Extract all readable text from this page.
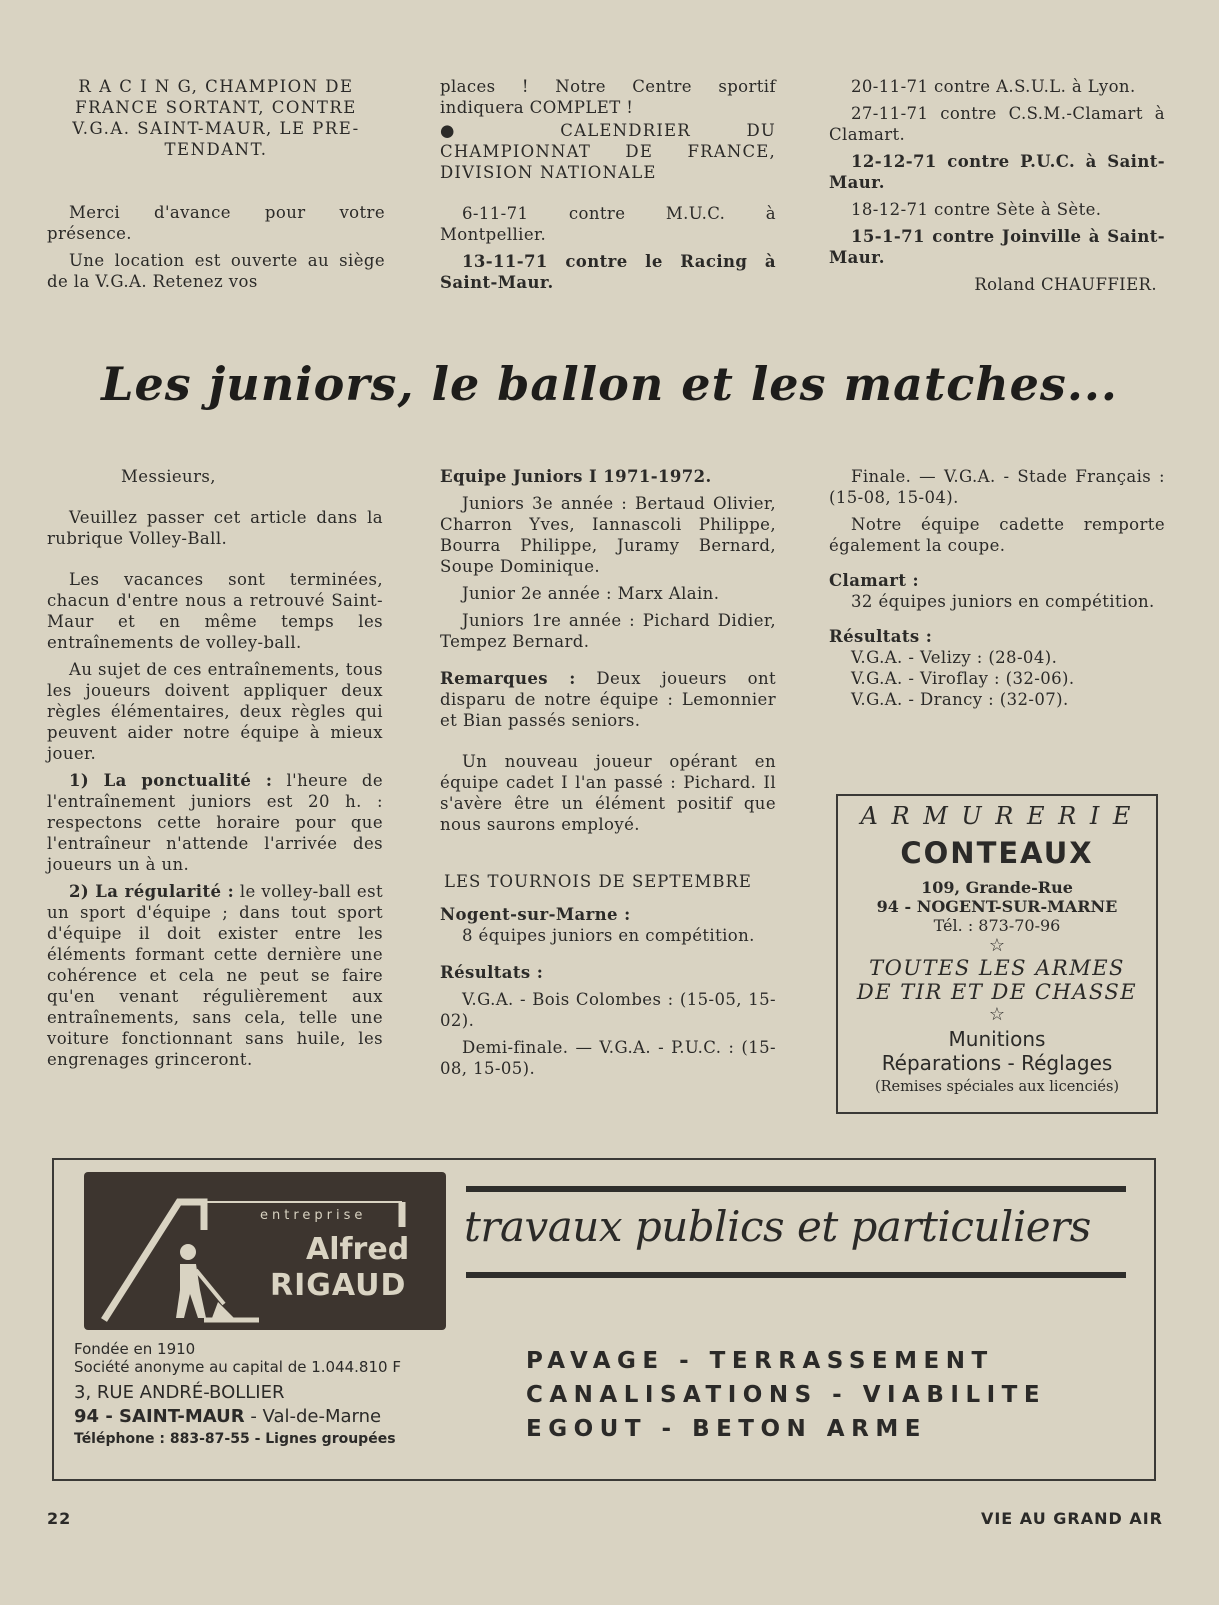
R A C I N G, CHAMPION DE
FRANCE SORTANT, CONTRE
V.G.A. SAINT-MAUR, LE PRE-
TENDANT.

Merci d'avance pour votre présence.

Une location est ouverte au siège de la V.G.A. Retenez vos

places ! Notre Centre sportif indiquera COMPLET !

● CALENDRIER DU CHAMPIONNAT DE FRANCE, DIVISION NATIONALE

6-11-71 contre M.U.C. à Montpellier.

13-11-71 contre le Racing à Saint-Maur.

20-11-71 contre A.S.U.L. à Lyon.

27-11-71 contre C.S.M.-Clamart à Clamart.

12-12-71 contre P.U.C. à Saint-Maur.

18-12-71 contre Sète à Sète.

15-1-71 contre Joinville à Saint-Maur.

Roland CHAUFFIER.

Les juniors, le ballon et les matches...

Messieurs,

Veuillez passer cet article dans la rubrique Volley-Ball.

Les vacances sont terminées, chacun d'entre nous a retrouvé Saint-Maur et en même temps les entraînements de volley-ball.

Au sujet de ces entraînements, tous les joueurs doivent appliquer deux règles élémentaires, deux règles qui peuvent aider notre équipe à mieux jouer.

1) La ponctualité : l'heure de l'entraînement juniors est 20 h. : respectons cette horaire pour que l'entraîneur n'attende l'arrivée des joueurs un à un.

2) La régularité : le volley-ball est un sport d'équipe ; dans tout sport d'équipe il doit exister entre les éléments formant cette dernière une cohérence et cela ne peut se faire qu'en venant régulièrement aux entraînements, sans cela, telle une voiture fonctionnant sans huile, les engrenages grinceront.

Equipe Juniors I 1971-1972.

Juniors 3e année : Bertaud Olivier, Charron Yves, Iannascoli Philippe, Bourra Philippe, Juramy Bernard, Soupe Dominique.

Junior 2e année : Marx Alain.

Juniors 1re année : Pichard Didier, Tempez Bernard.

Remarques : Deux joueurs ont disparu de notre équipe : Lemonnier et Bian passés seniors.

Un nouveau joueur opérant en équipe cadet I l'an passé : Pichard. Il s'avère être un élément positif que nous saurons employé.

LES TOURNOIS DE SEPTEMBRE

Nogent-sur-Marne :

8 équipes juniors en compétition.

Résultats :

V.G.A. - Bois Colombes : (15-05, 15-02).

Demi-finale. — V.G.A. - P.U.C. : (15-08, 15-05).

Finale. — V.G.A. - Stade Français : (15-08, 15-04).

Notre équipe cadette remporte également la coupe.

Clamart :

32 équipes juniors en compétition.

Résultats :

V.G.A. - Velizy : (28-04).

V.G.A. - Viroflay : (32-06).

V.G.A. - Drancy : (32-07).

A R M U R E R I E
CONTEAUX
109, Grande-Rue
94 - NOGENT-SUR-MARNE
Tél. : 873-70-96
☆
TOUTES LES ARMES
DE TIR ET DE CHASSE
☆
Munitions
Réparations - Réglages
(Remises spéciales aux licenciés)
entreprise
Alfred
RIGAUD
travaux publics et particuliers
Fondée en 1910
Société anonyme au capital de 1.044.810 F
3, RUE ANDRÉ-BOLLIER
94 - SAINT-MAUR - Val-de-Marne
Téléphone : 883-87-55 - Lignes groupées
PAVAGE - TERRASSEMENT
CANALISATIONS - VIABILITE
EGOUT - BETON ARME
22	VIE AU GRAND AIR
